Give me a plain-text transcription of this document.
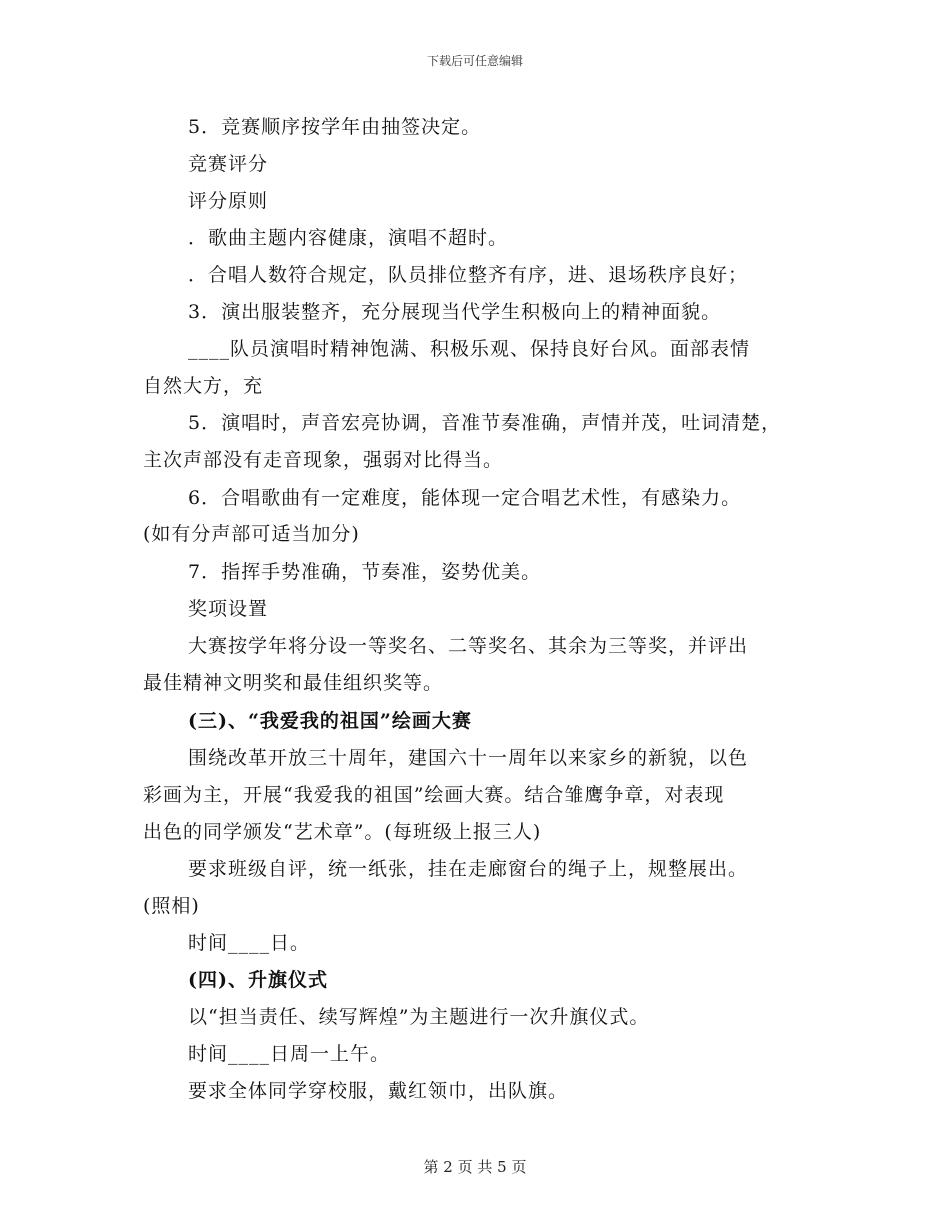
下载后可任意编辑
5．竞赛顺序按学年由抽签决定。
竞赛评分
评分原则
．歌曲主题内容健康，演唱不超时。
．合唱人数符合规定，队员排位整齐有序，进、退场秩序良好；
3．演出服装整齐，充分展现当代学生积极向上的精神面貌。
____队员演唱时精神饱满、积极乐观、保持良好台风。面部表情
自然大方，充
5．演唱时，声音宏亮协调，音准节奏准确，声情并茂，吐词清楚，
主次声部没有走音现象，强弱对比得当。
6．合唱歌曲有一定难度，能体现一定合唱艺术性，有感染力。
(如有分声部可适当加分)
7．指挥手势准确，节奏准，姿势优美。
奖项设置
大赛按学年将分设一等奖名、二等奖名、其余为三等奖，并评出
最佳精神文明奖和最佳组织奖等。
(三)、“我爱我的祖国”绘画大赛
围绕改革开放三十周年，建国六十一周年以来家乡的新貌，以色
彩画为主，开展“我爱我的祖国”绘画大赛。结合雏鹰争章，对表现
出色的同学颁发“艺术章”。(每班级上报三人)
要求班级自评，统一纸张，挂在走廊窗台的绳子上，规整展出。
(照相)
时间____日。
(四)、升旗仪式
以“担当责任、续写辉煌”为主题进行一次升旗仪式。
时间____日周一上午。
要求全体同学穿校服，戴红领巾，出队旗。
第 2 页 共 5 页
